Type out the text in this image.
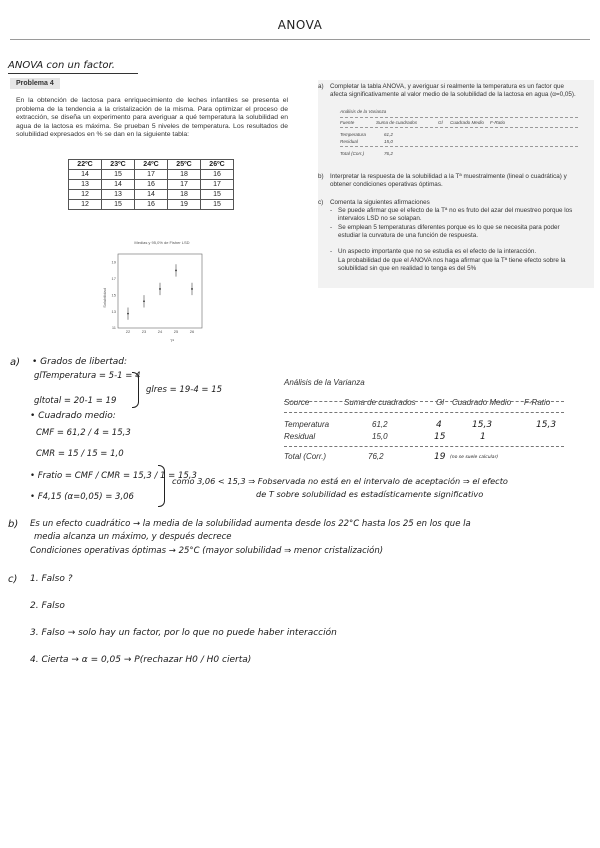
ANOVA
ANOVA con un factor.
Problema 4
En la obtención de lactosa para enriquecimiento de leches infantiles se presenta el problema de la tendencia a la cristalización de la misma. Para optimizar el proceso de extracción, se diseña un experimento para averiguar a qué temperatura la solubilidad en agua de la lactosa es máxima. Se prueban 5 niveles de temperatura. Los resultados de solubilidad expresados en % se dan en la siguiente tabla:
22ºC	23ºC	24ºC	25ºC	26ºC
14	15	17	18	16
13	14	16	17	17
12	13	14	18	15
12	15	16	19	15
Medias y 95,0% de Fisher LSD
Solubilidad
Tª
11
13
15
17
19
22	23	24	25	26
a)	Completar la tabla ANOVA, y averiguar si realmente la temperatura es un factor que afecta significativamente al valor medio de la solubilidad de la lactosa en agua (α=0,05).
Análisis de la Varianza
Fuente	Suma de cuadrados	Gl Cuadrado Medio F-Ratio
Temperatura	61,2
Residual	15,0
Total (Corr.)	76,2
b)	Interpretar la respuesta de la solubilidad a la Tª muestralmente (lineal o cuadrática) y obtener condiciones operativas óptimas.
c)	Comenta la siguientes afirmaciones
- Se puede afirmar que el efecto de la Tª no es fruto del azar del muestreo porque los intervalos LSD no se solapan.
- Se emplean 5 temperaturas diferentes porque es lo que se necesita para poder estudiar la curvatura de una función de respuesta.
- Un aspecto importante que no se estudia es el efecto de la interacción.
La probabilidad de que el ANOVA nos haga afirmar que la Tª tiene efecto sobre la solubilidad sin que en realidad lo tenga es del 5%
a) • Grados de libertad:
glTemperatura = 5-1 = 4
gltotal = 20-1 = 19
glres = 19-4 = 15
• Cuadrado medio:
CMF = 61,2 / 4 = 15,3
CMR = 15 / 15 = 1,0
• Fratio = CMF / CMR = 15,3 / 1 = 15,3
• F4,15 (α=0,05) = 3,06
como 3,06 < 15,3 ⇒ Fobservada no está en el intervalo de aceptación ⇒ el efecto
de T sobre solubilidad es estadísticamente significativo
Análisis de la Varianza
Source	Suma de cuadrados	Gl Cuadrado Medio F-Ratio
Temperatura	61,2	4	15,3	15,3
Residual	15,0	15	1
Total (Corr.)	76,2	19 (no se suele calcular)
b) Es un efecto cuadrático → la media de la solubilidad aumenta desde los 22°C hasta los 25 en los que la
media alcanza un máximo, y después decrece
Condiciones operativas óptimas → 25°C (mayor solubilidad ⇒ menor cristalización)
c) 1. Falso ?
2. Falso
3. Falso → solo hay un factor, por lo que no puede haber interacción
4. Cierta → α = 0,05 → P(rechazar H0 / H0 cierta)
